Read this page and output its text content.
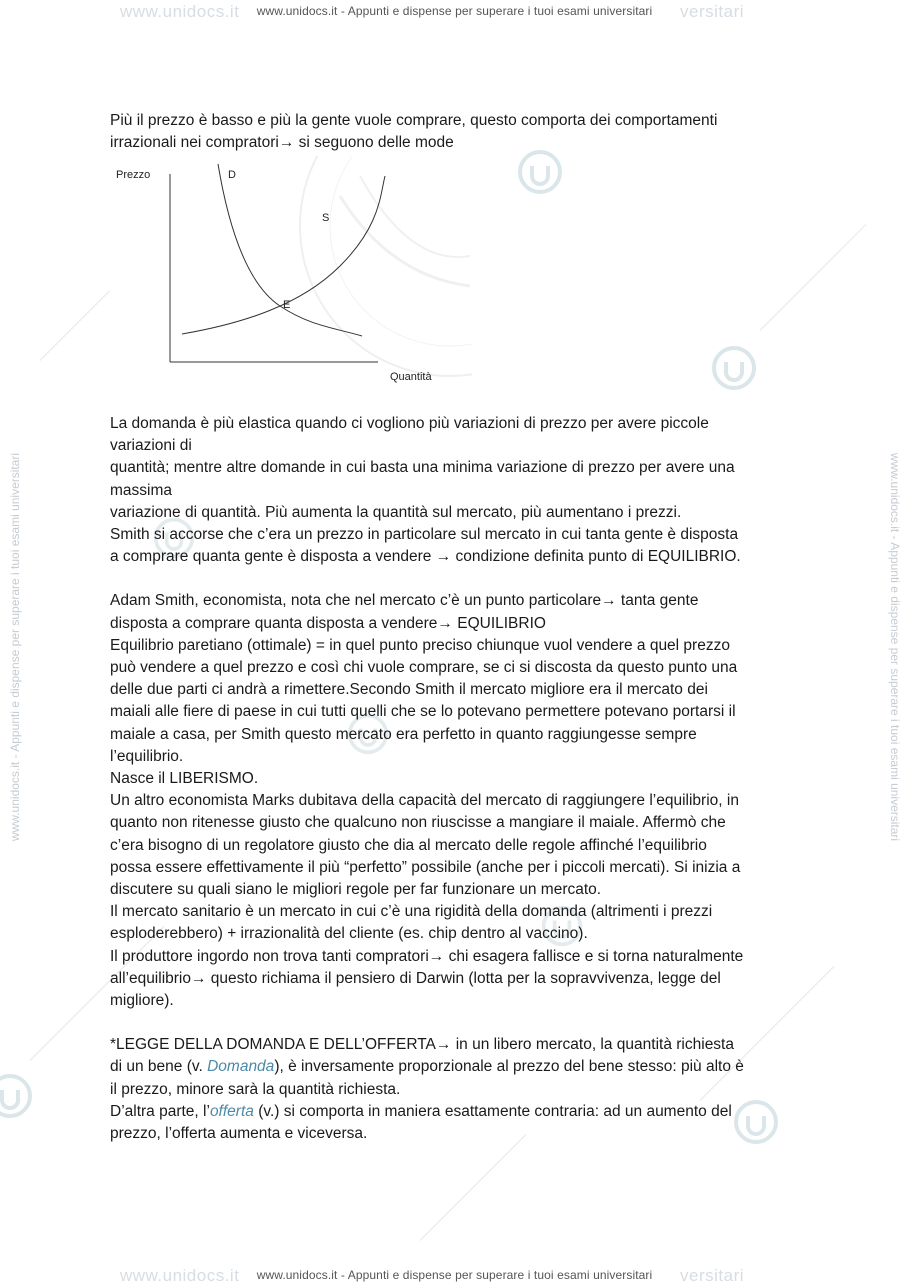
www.unidocs.it	versitari
www.unidocs.it	versitari
www.unidocs.it - Appunti e dispense per superare i tuoi esami universitari	www.unidocs.it - Appunti e dispense per superare i tuoi esami universitari
www.unidocs.it - Appunti e dispense per superare i tuoi esami universitari

Più il prezzo è basso e più la gente vuole comprare, questo comporta dei comportamenti

irrazionali nei compratori→ si seguono delle mode

Prezzo
Quantità
D
S
E

La domanda è più elastica quando ci vogliono più variazioni di prezzo per avere piccole

variazioni di

quantità; mentre altre domande in cui basta una minima variazione di prezzo per avere una

massima

variazione di quantità. Più aumenta la quantità sul mercato, più aumentano i prezzi.

Smith si accorse che c’era un prezzo in particolare sul mercato in cui tanta gente è disposta

a comprare quanta gente è disposta a vendere → condizione definita punto di EQUILIBRIO.

Adam Smith, economista, nota che nel mercato c’è un punto particolare→ tanta gente

disposta a comprare quanta disposta a vendere→ EQUILIBRIO

Equilibrio paretiano (ottimale) = in quel punto preciso chiunque vuol vendere a quel prezzo

può vendere a quel prezzo e così chi vuole comprare, se ci si discosta da questo punto una

delle due parti ci andrà a rimettere.Secondo Smith il mercato migliore era il mercato dei

maiali alle fiere di paese in cui tutti quelli che se lo potevano permettere potevano portarsi il

maiale a casa, per Smith questo mercato era perfetto in quanto raggiungesse sempre

l’equilibrio.

Nasce il LIBERISMO.

Un altro economista Marks dubitava della capacità del mercato di raggiungere l’equilibrio, in

quanto non ritenesse giusto che qualcuno non riuscisse a mangiare il maiale. Affermò che

c’era bisogno di un regolatore giusto che dia al mercato delle regole affinché l’equilibrio

possa essere effettivamente il più “perfetto” possibile (anche per i piccoli mercati). Si inizia a

discutere su quali siano le migliori regole per far funzionare un mercato.

Il mercato sanitario è un mercato in cui c’è una rigidità della domanda (altrimenti i prezzi

esploderebbero) + irrazionalità del cliente (es. chip dentro al vaccino).

Il produttore ingordo non trova tanti compratori→ chi esagera fallisce e si torna naturalmente

all’equilibrio→ questo richiama il pensiero di Darwin (lotta per la sopravvivenza, legge del

migliore).

*LEGGE DELLA DOMANDA E DELL’OFFERTA→ in un libero mercato, la quantità richiesta

di un bene (v. Domanda), è inversamente proporzionale al prezzo del bene stesso: più alto è

il prezzo, minore sarà la quantità richiesta.

D’altra parte, l’offerta (v.) si comporta in maniera esattamente contraria: ad un aumento del

prezzo, l’offerta aumenta e viceversa.

www.unidocs.it - Appunti e dispense per superare i tuoi esami universitari
